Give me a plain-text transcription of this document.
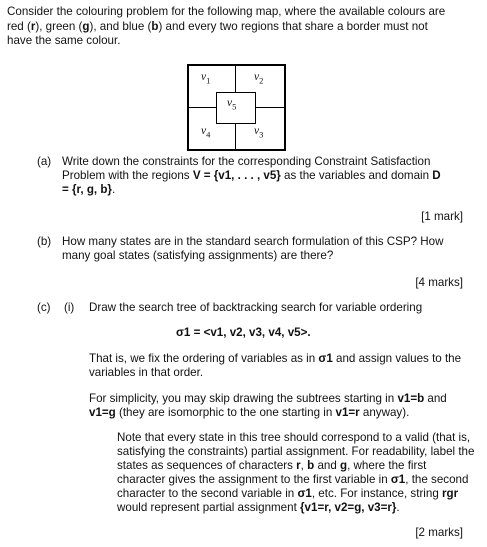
Consider the colouring problem for the following map, where the available colours are
red (r), green (g), and blue (b) and every two regions that share a border must not
have the same colour.
$v_1$	$v_2$
$v_5$
$v_4$	$v_3$
(a) Write down the constraints for the corresponding Constraint Satisfaction
Problem with the regions V = {v1, . . . , v5} as the variables and domain D
= {r, g, b}.
[1 mark]
(b) How many states are in the standard search formulation of this CSP? How
many goal states (satisfying assignments) are there?
[4 marks]
(c) (i) Draw the search tree of backtracking search for variable ordering
σ1 = <v1, v2, v3, v4, v5>.
That is, we fix the ordering of variables as in σ1 and assign values to the
variables in that order.
For simplicity, you may skip drawing the subtrees starting in v1=b and
v1=g (they are isomorphic to the one starting in v1=r anyway).
Note that every state in this tree should correspond to a valid (that is,
satisfying the constraints) partial assignment. For readability, label the
states as sequences of characters r, b and g, where the first
character gives the assignment to the first variable in σ1, the second
character to the second variable in σ1, etc. For instance, string rgr
would represent partial assignment {v1=r, v2=g, v3=r}.
[2 marks]
